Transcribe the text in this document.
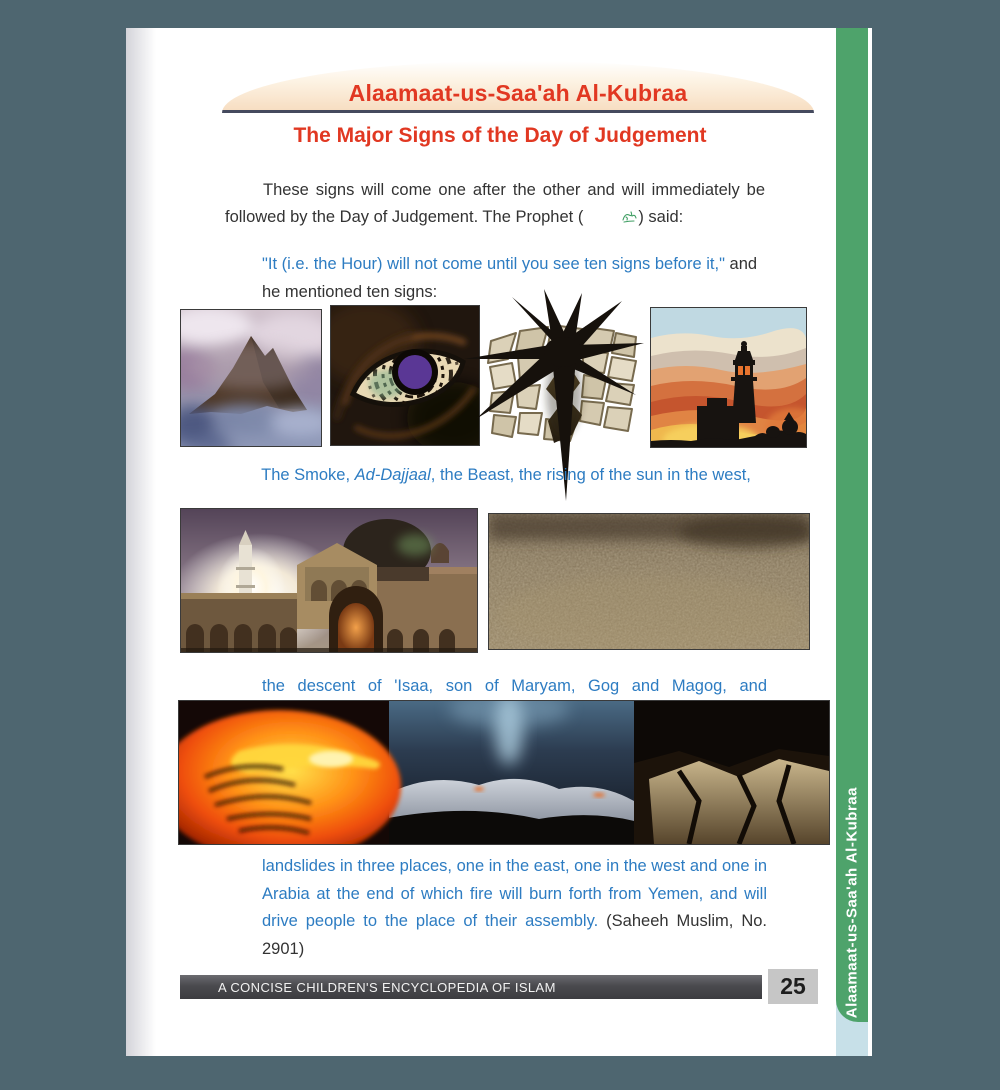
Alaamaat-us-Saa'ah Al-Kubraa
The Major Signs of the Day of Judgement
These signs will come one after the other and will immediately be followed by the Day of Judgement. The Prophet (	) said:
"It (i.e. the Hour) will not come until you see ten signs before it," and
he mentioned ten signs:
The Smoke, Ad-Dajjaal, the Beast, the rising of the sun in the west,
the descent of 'Isaa, son of Maryam, Gog and Magog, and
landslides in three places, one in the east, one in the west and one in Arabia at the end of which fire will burn forth from Yemen, and will drive people to the place of their assembly. (Saheeh Muslim, No. 2901)
A CONCISE CHILDREN'S ENCYCLOPEDIA OF ISLAM	25	Alaamaat-us-Saa'ah Al-Kubraa
